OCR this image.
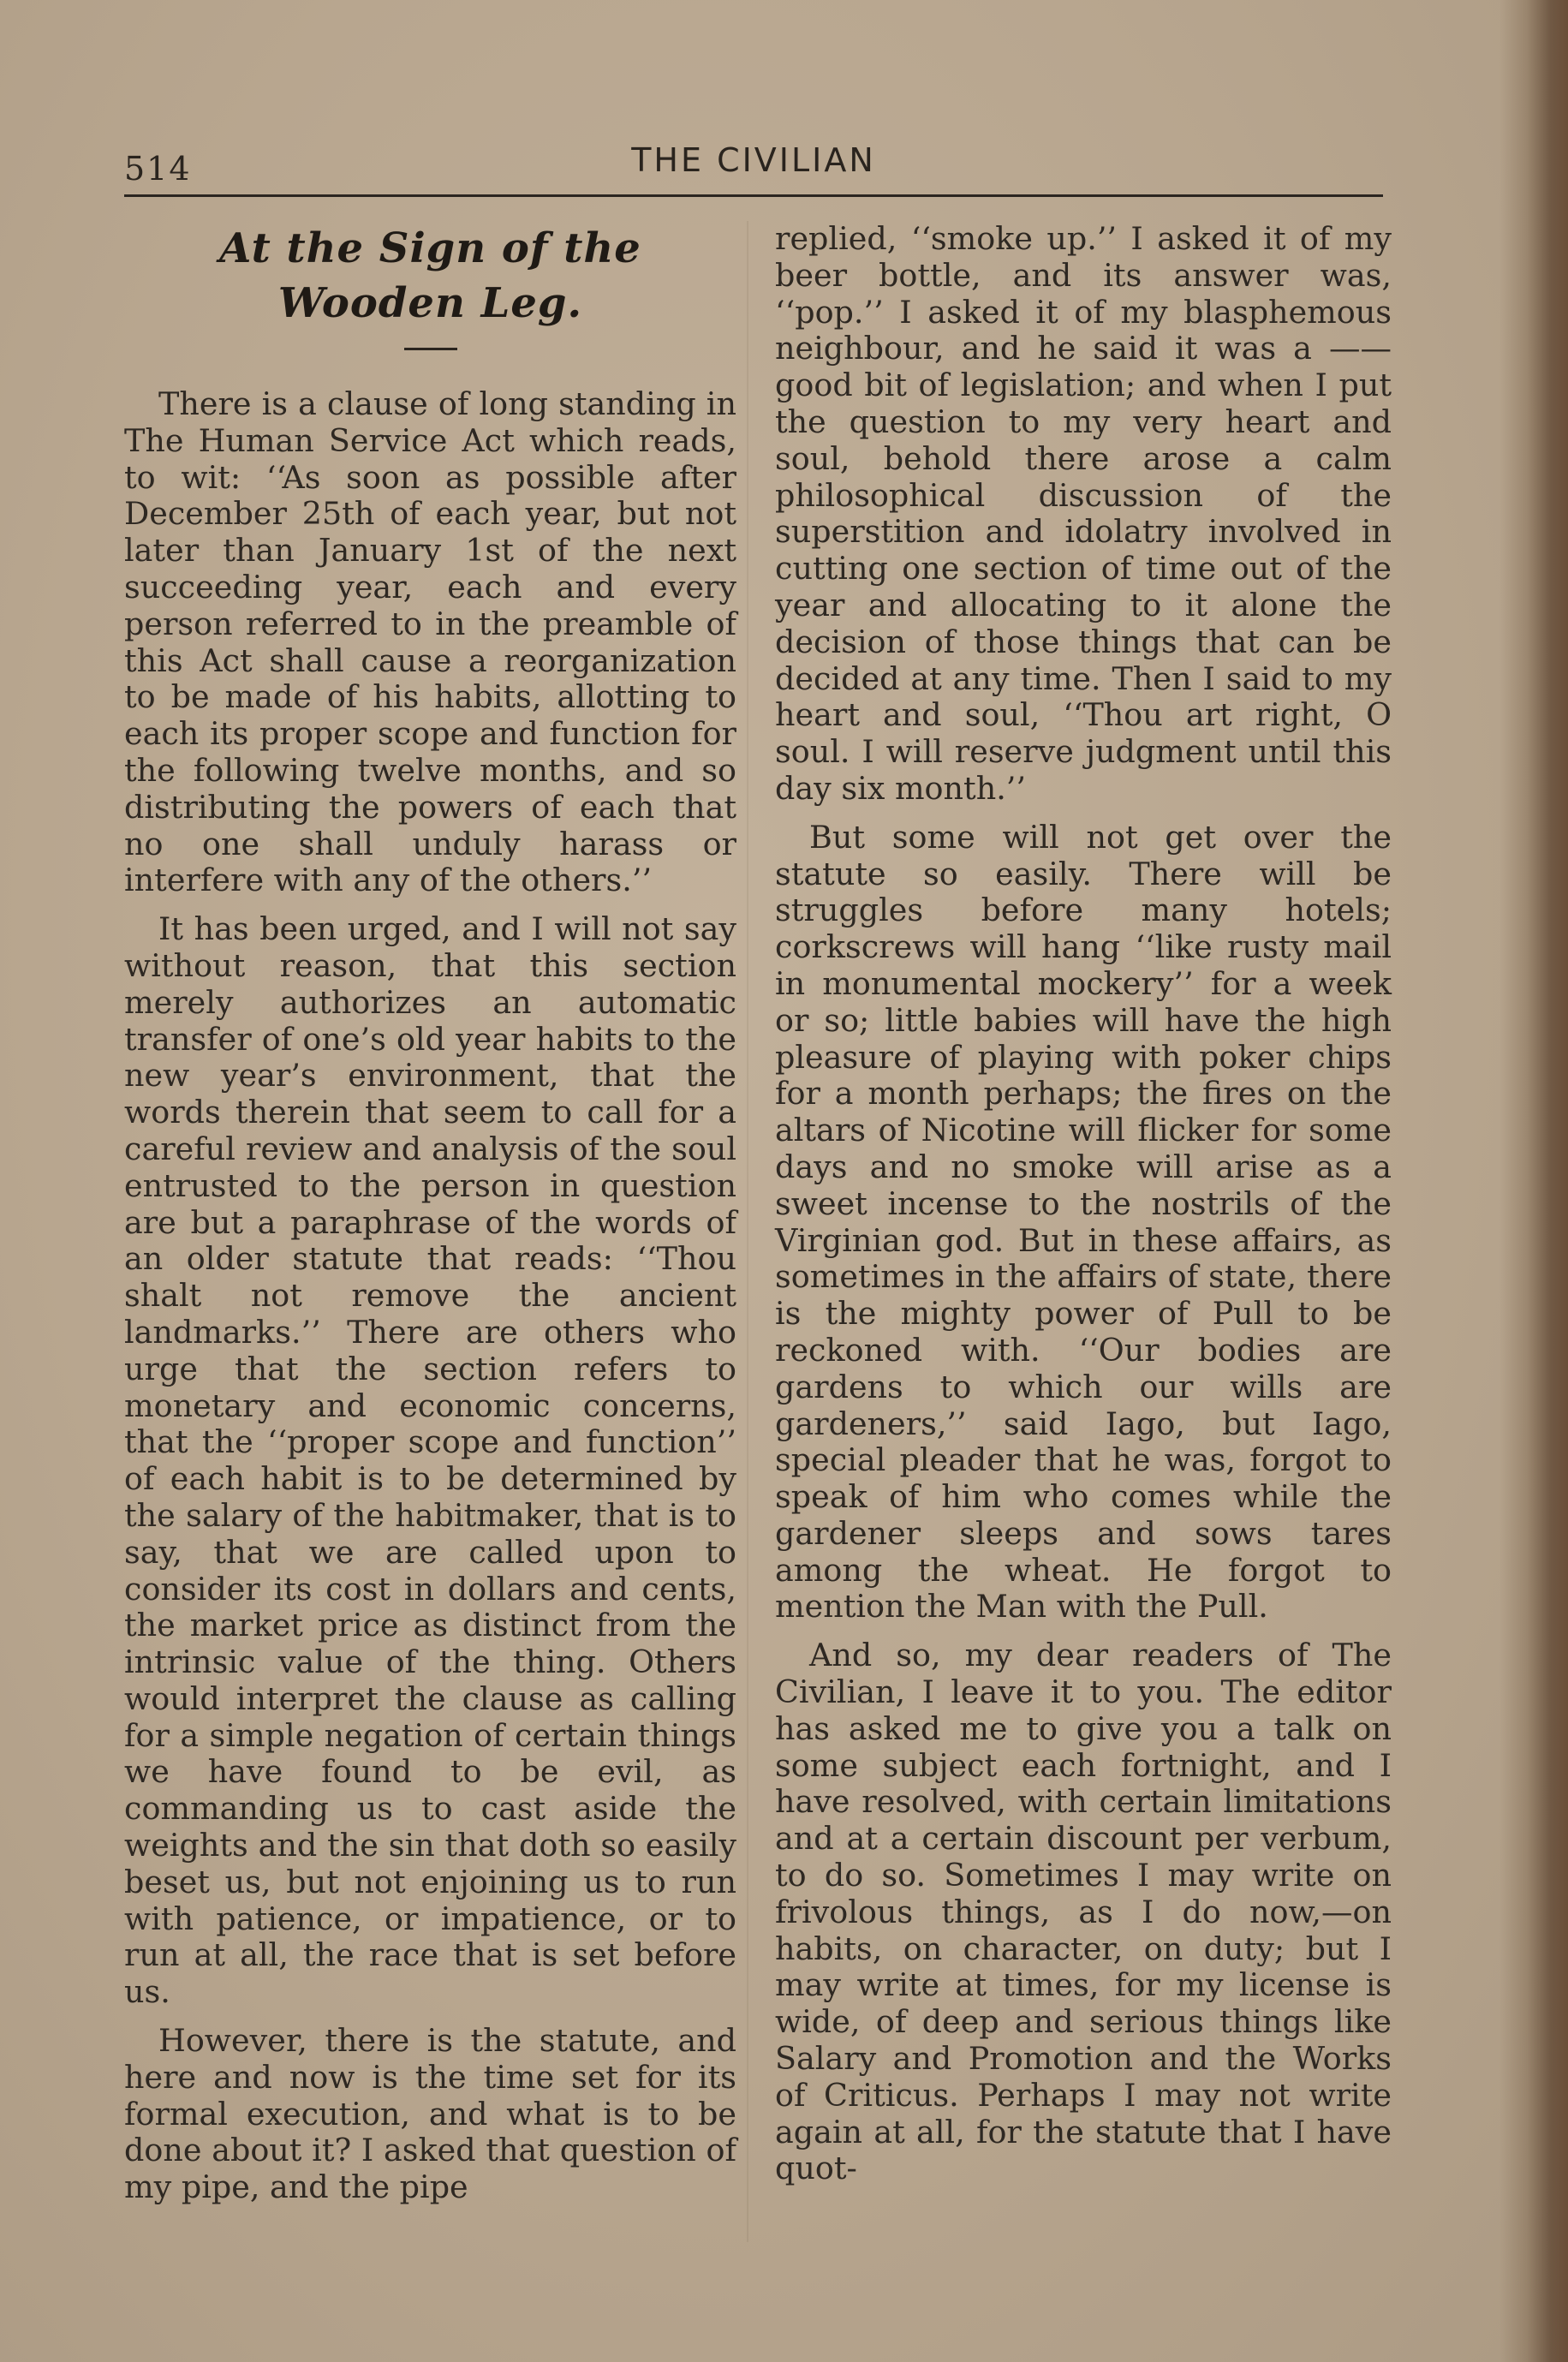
514	THE CIVILIAN
At the Sign of the Wooden Leg.

There is a clause of long standing in The Human Service Act which reads, to wit: ‘‘As soon as possible after December 25th of each year, but not later than January 1st of the next succeeding year, each and every person referred to in the preamble of this Act shall cause a reorganization to be made of his habits, allotting to each its proper scope and function for the following twelve months, and so distributing the powers of each that no one shall unduly harass or interfere with any of the others.’’

It has been urged, and I will not say without reason, that this section merely authorizes an automatic transfer of one’s old year habits to the new year’s environment, that the words therein that seem to call for a careful review and analysis of the soul entrusted to the person in question are but a paraphrase of the words of an older statute that reads: ‘‘Thou shalt not remove the ancient landmarks.’’ There are others who urge that the section refers to monetary and economic concerns, that the ‘‘proper scope and function’’ of each habit is to be determined by the salary of the habitmaker, that is to say, that we are called upon to consider its cost in dollars and cents, the market price as distinct from the intrinsic value of the thing. Others would interpret the clause as calling for a simple negation of certain things we have found to be evil, as commanding us to cast aside the weights and the sin that doth so easily beset us, but not enjoining us to run with patience, or impatience, or to run at all, the race that is set before us.

However, there is the statute, and here and now is the time set for its formal execution, and what is to be done about it? I asked that question of my pipe, and the pipe

replied, ‘‘smoke up.’’ I asked it of my beer bottle, and its answer was, ‘‘pop.’’ I asked it of my blasphemous neighbour, and he said it was a —— good bit of legislation; and when I put the question to my very heart and soul, behold there arose a calm philosophical discussion of the superstition and idolatry involved in cutting one section of time out of the year and allocating to it alone the decision of those things that can be decided at any time. Then I said to my heart and soul, ‘‘Thou art right, O soul. I will reserve judgment until this day six month.’’

But some will not get over the statute so easily. There will be struggles before many hotels; corkscrews will hang ‘‘like rusty mail in monumental mockery’’ for a week or so; little babies will have the high pleasure of playing with poker chips for a month perhaps; the fires on the altars of Nicotine will flicker for some days and no smoke will arise as a sweet incense to the nostrils of the Virginian god. But in these affairs, as sometimes in the affairs of state, there is the mighty power of Pull to be reckoned with. ‘‘Our bodies are gardens to which our wills are gardeners,’’ said Iago, but Iago, special pleader that he was, forgot to speak of him who comes while the gardener sleeps and sows tares among the wheat. He forgot to mention the Man with the Pull.

And so, my dear readers of The Civilian, I leave it to you. The editor has asked me to give you a talk on some subject each fortnight, and I have resolved, with certain limitations and at a certain discount per verbum, to do so. Sometimes I may write on frivolous things, as I do now,—on habits, on character, on duty; but I may write at times, for my license is wide, of deep and serious things like Salary and Promotion and the Works of Criticus. Perhaps I may not write again at all, for the statute that I have quot-
